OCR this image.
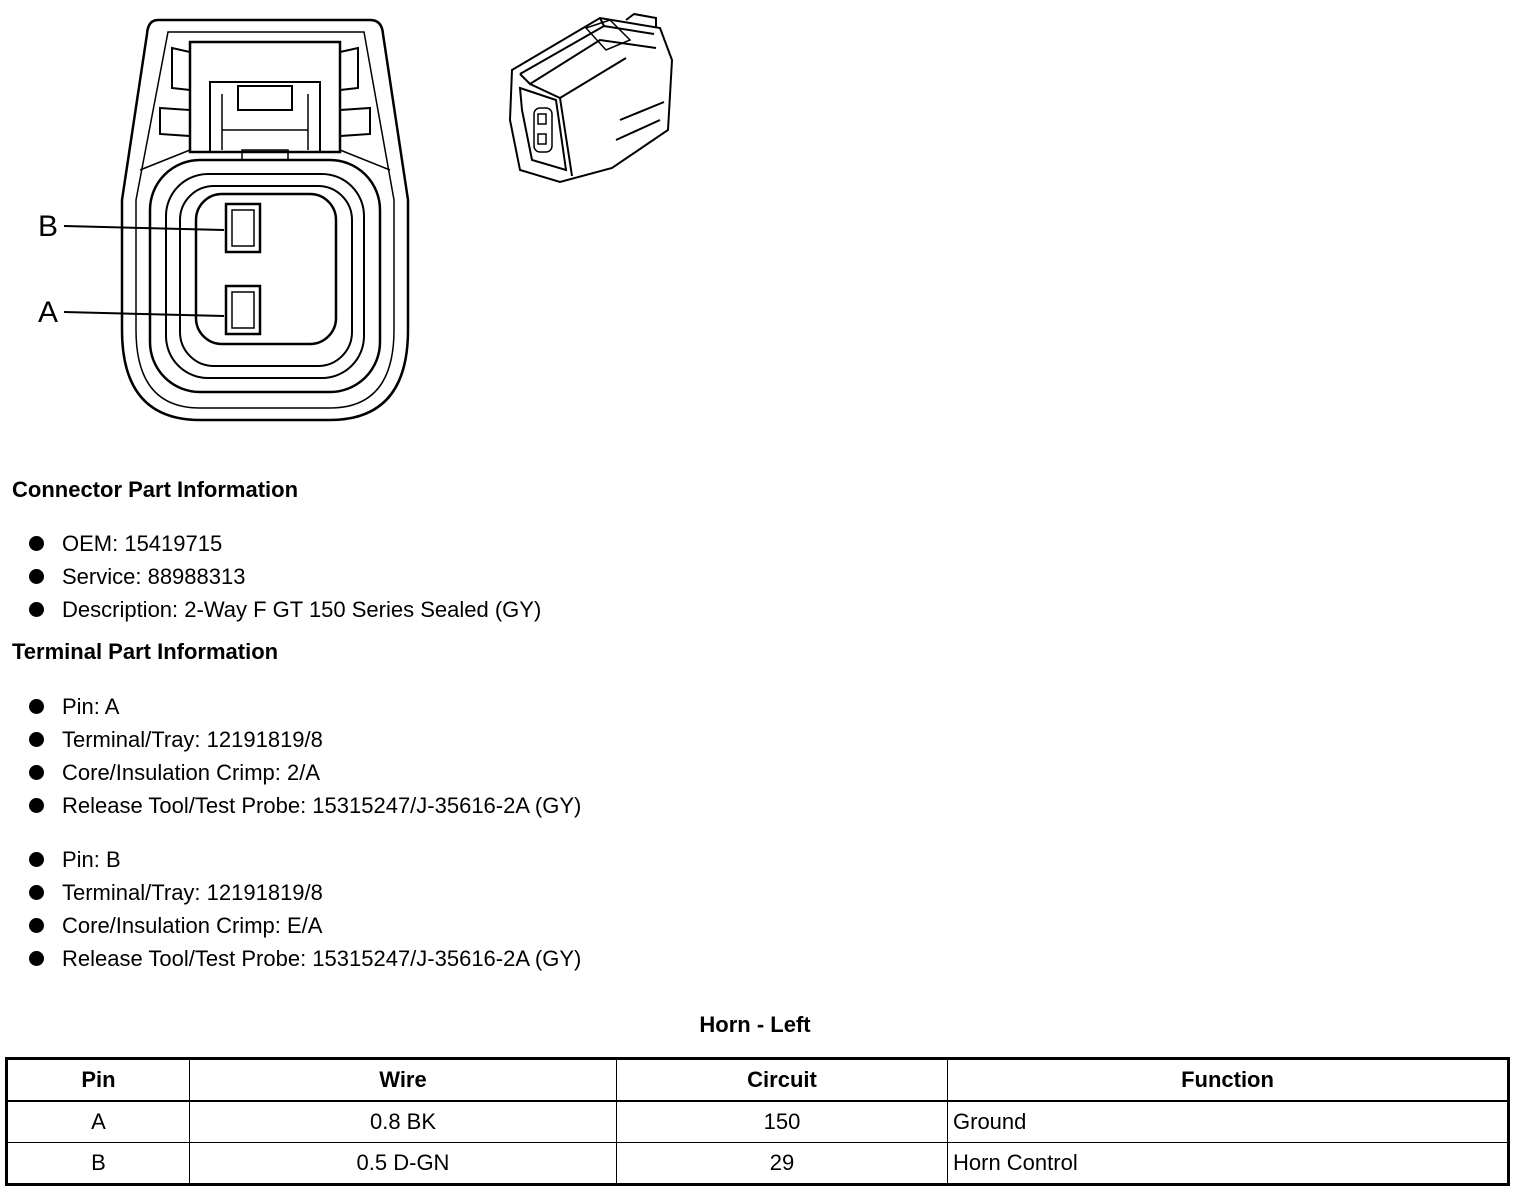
B
A
Connector Part Information
OEM: 15419715
Service: 88988313
Description: 2-Way F GT 150 Series Sealed (GY)
Terminal Part Information
Pin: A
Terminal/Tray: 12191819/8
Core/Insulation Crimp: 2/A
Release Tool/Test Probe: 15315247/J-35616-2A (GY)
Pin: B
Terminal/Tray: 12191819/8
Core/Insulation Crimp: E/A
Release Tool/Test Probe: 15315247/J-35616-2A (GY)
Horn - Left
Pin	Wire	Circuit	Function
A	0.8 BK	150	Ground
B	0.5 D-GN	29	Horn Control
